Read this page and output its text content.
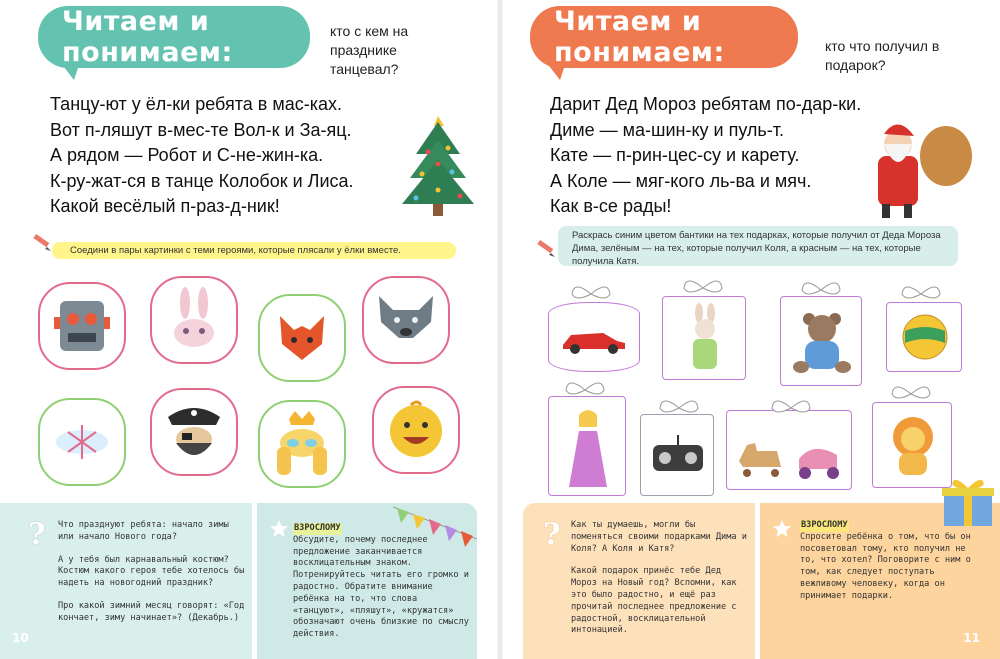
Читаем и понимаем:
кто с кем на празднике танцевал?
Танцу-ют у ёл-ки ребята в мас-ках.
Вот п-ляшут в-мес-те Вол-к и За-яц.
А рядом — Робот и С-не-жин-ка.
К-ру-жат-ся в танце Колобок и Лиса.
Какой весёлый п-раз-д-ник!
Соедини в пары картинки с теми героями, которые плясали у ёлки вместе.
? Что празднуют ребята: начало зимы или начало Нового года?

А у тебя был карнавальный костюм? Костюм какого героя тебе хотелось бы надеть на новогодний праздник?

Про какой зимний месяц говорят: «Год кончает, зиму начинает»? (Декабрь.)

ВЗРОСЛОМУ
Обсудите, почему последнее предложение заканчивается восклицательным знаком. Потренируйтесь читать его громко и радостно. Обратите внимание ребёнка на то, что слова «танцуют», «пляшут», «кружатся» обозначают очень близкие по смыслу действия.
10
Читаем и понимаем:	кто что получил в подарок?
Дарит Дед Мороз ребятам по-дар-ки.
Диме — ма-шин-ку и пуль-т.
Кате — п-рин-цес-су и карету.
А Коле — мяг-кого ль-ва и мяч.
Как в-се рады!
Раскрась синим цветом бантики на тех подарках, которые получил от Деда Мороза Дима, зелёным — на тех, которые получил Коля, а красным — на тех, которые получила Катя.
? Как ты думаешь, могли бы поменяться своими подарками Дима и Коля? А Коля и Катя?

Какой подарок принёс тебе Дед Мороз на Новый год? Вспомни, как это было радостно, и ещё раз прочитай последнее предложение с радостной, восклицательной интонацией.

ВЗРОСЛОМУ
Спросите ребёнка о том, что бы он посоветовал тому, кто получил не то, что хотел? Поговорите с ним о том, как следует поступать вежливому человеку, когда он принимает подарки.
11
